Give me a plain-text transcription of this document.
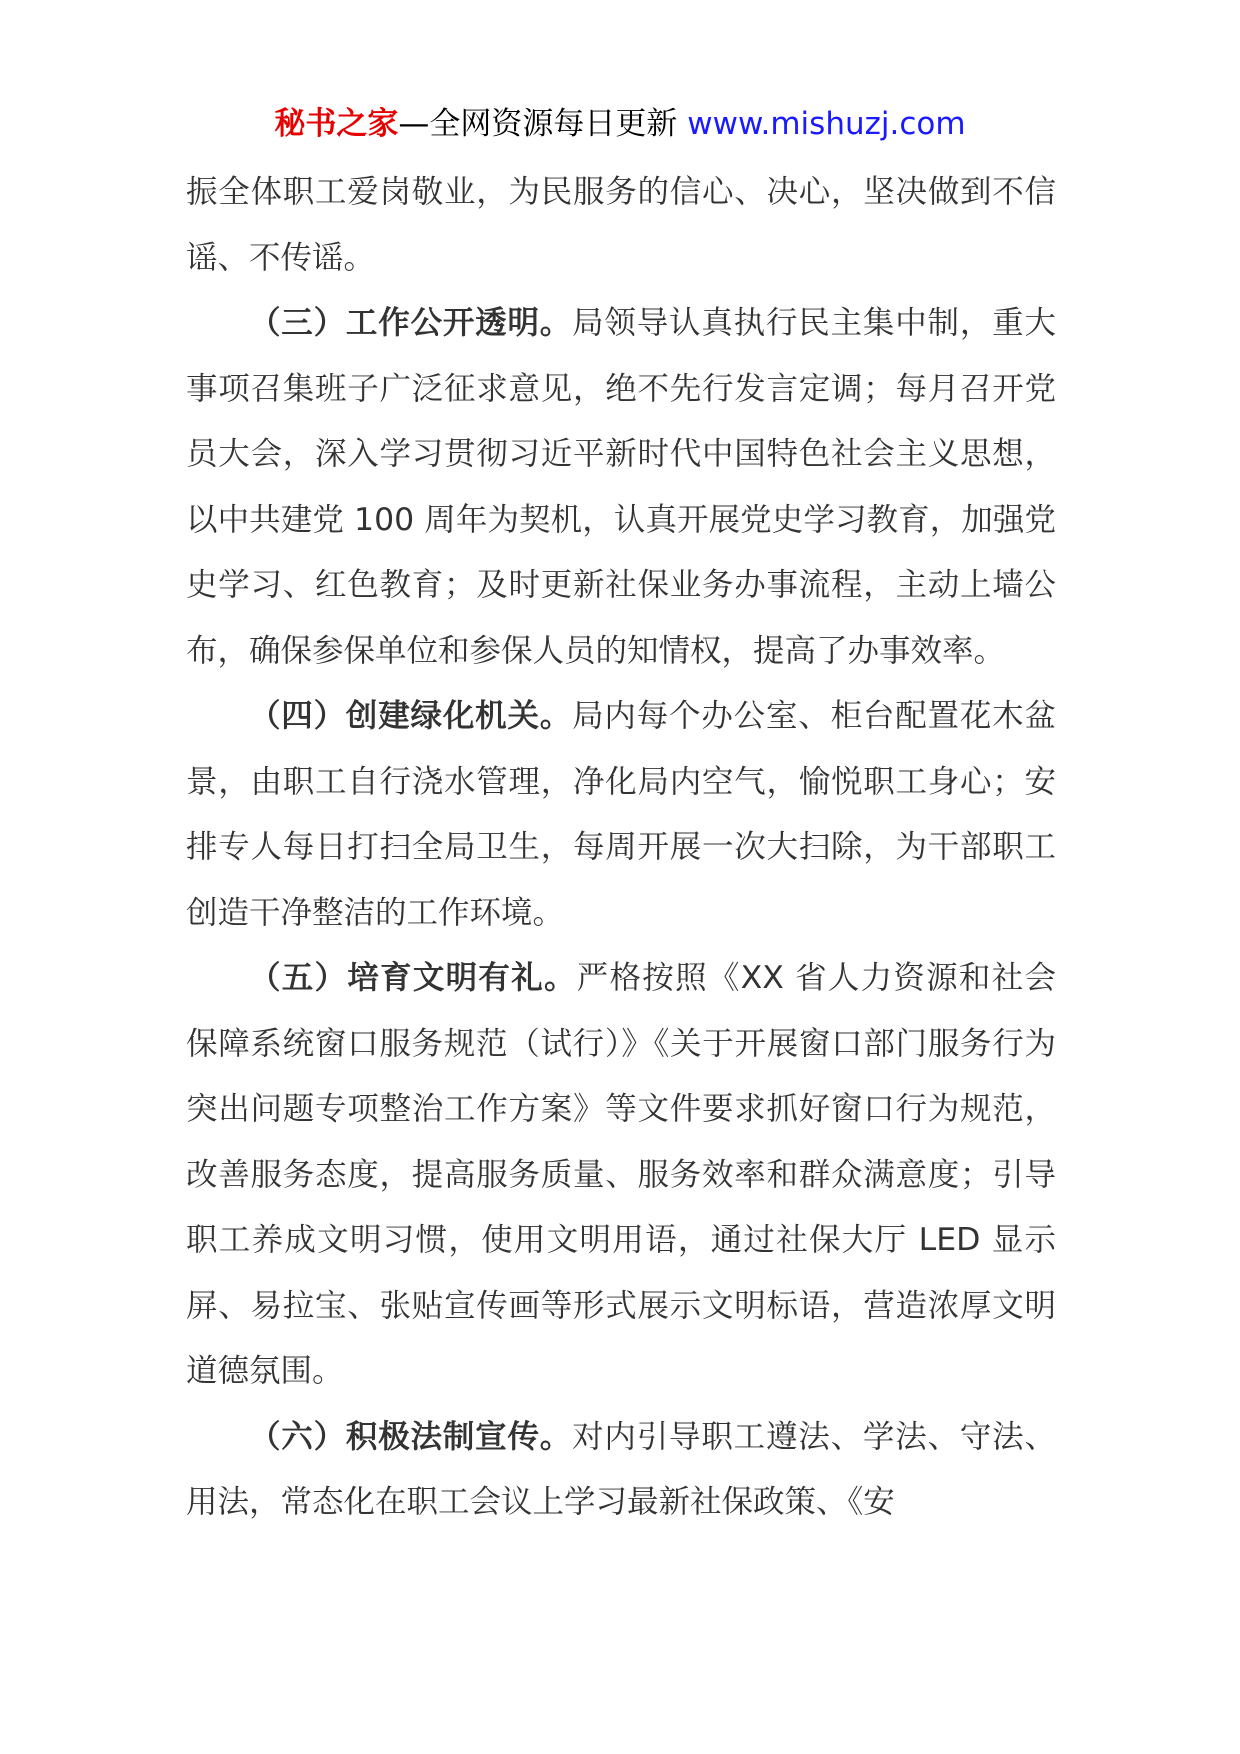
秘书之家—全网资源每日更新 www.mishuzj.com

振全体职工爱岗敬业，为民服务的信心、决心，坚决做到不信谣、不传谣。

（三）工作公开透明。局领导认真执行民主集中制，重大事项召集班子广泛征求意见，绝不先行发言定调；每月召开党员大会，深入学习贯彻习近平新时代中国特色社会主义思想，以中共建党 100 周年为契机，认真开展党史学习教育，加强党史学习、红色教育；及时更新社保业务办事流程，主动上墙公布，确保参保单位和参保人员的知情权，提高了办事效率。

（四）创建绿化机关。局内每个办公室、柜台配置花木盆景，由职工自行浇水管理，净化局内空气，愉悦职工身心；安排专人每日打扫全局卫生，每周开展一次大扫除，为干部职工创造干净整洁的工作环境。

（五）培育文明有礼。严格按照《XX 省人力资源和社会保障系统窗口服务规范（试行）》《关于开展窗口部门服务行为突出问题专项整治工作方案》等文件要求抓好窗口行为规范，改善服务态度，提高服务质量、服务效率和群众满意度；引导职工养成文明习惯，使用文明用语，通过社保大厅 LED 显示屏、易拉宝、张贴宣传画等形式展示文明标语，营造浓厚文明道德氛围。

（六）积极法制宣传。对内引导职工遵法、学法、守法、用法，常态化在职工会议上学习最新社保政策、《安
